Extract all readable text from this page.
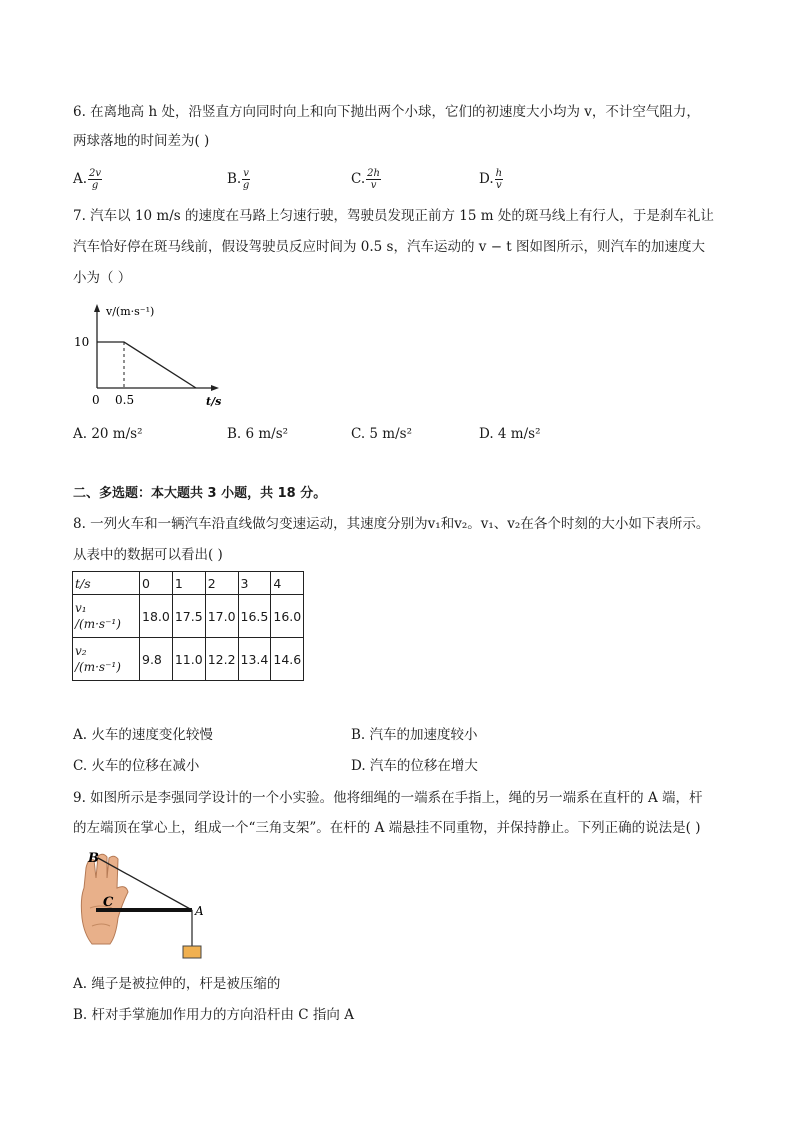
6. 在离地高 h 处，沿竖直方向同时向上和向下抛出两个小球，它们的初速度大小均为 v，不计空气阻力，
两球落地的时间差为( )
A. $\frac{2v}{g}$	B. $\frac{v}{g}$	C. $\frac{2h}{v}$	D. $\frac{h}{v}$
7. 汽车以 10 m/s 的速度在马路上匀速行驶，驾驶员发现正前方 15 m 处的斑马线上有行人，于是刹车礼让
汽车恰好停在斑马线前，假设驾驶员反应时间为 0.5 s，汽车运动的 v − t 图如图所示，则汽车的加速度大
小为（ ）
v/(m·s⁻¹)
10
0 0.5	t/s
A. 20 m/s²	B. 6 m/s²	C. 5 m/s²	D. 4 m/s²
二、多选题：本大题共 3 小题，共 18 分。
8. 一列火车和一辆汽车沿直线做匀变速运动，其速度分别为v₁和v₂。v₁、v₂在各个时刻的大小如下表所示。
从表中的数据可以看出( )
t/s	0	1	2	3	4

v₁
/(m·s⁻¹)	18.0	17.5	17.0	16.5	16.0

v₂
/(m·s⁻¹)	9.8	11.0	12.2	13.4	14.6
A. 火车的速度变化较慢	B. 汽车的加速度较小
C. 火车的位移在减小	D. 汽车的位移在增大
9. 如图所示是李强同学设计的一个小实验。他将细绳的一端系在手指上，绳的另一端系在直杆的 A 端，杆
的左端顶在掌心上，组成一个“三角支架”。在杆的 A 端悬挂不同重物，并保持静止。下列正确的说法是( )
B
C
A
A. 绳子是被拉伸的，杆是被压缩的
B. 杆对手掌施加作用力的方向沿杆由 C 指向 A
